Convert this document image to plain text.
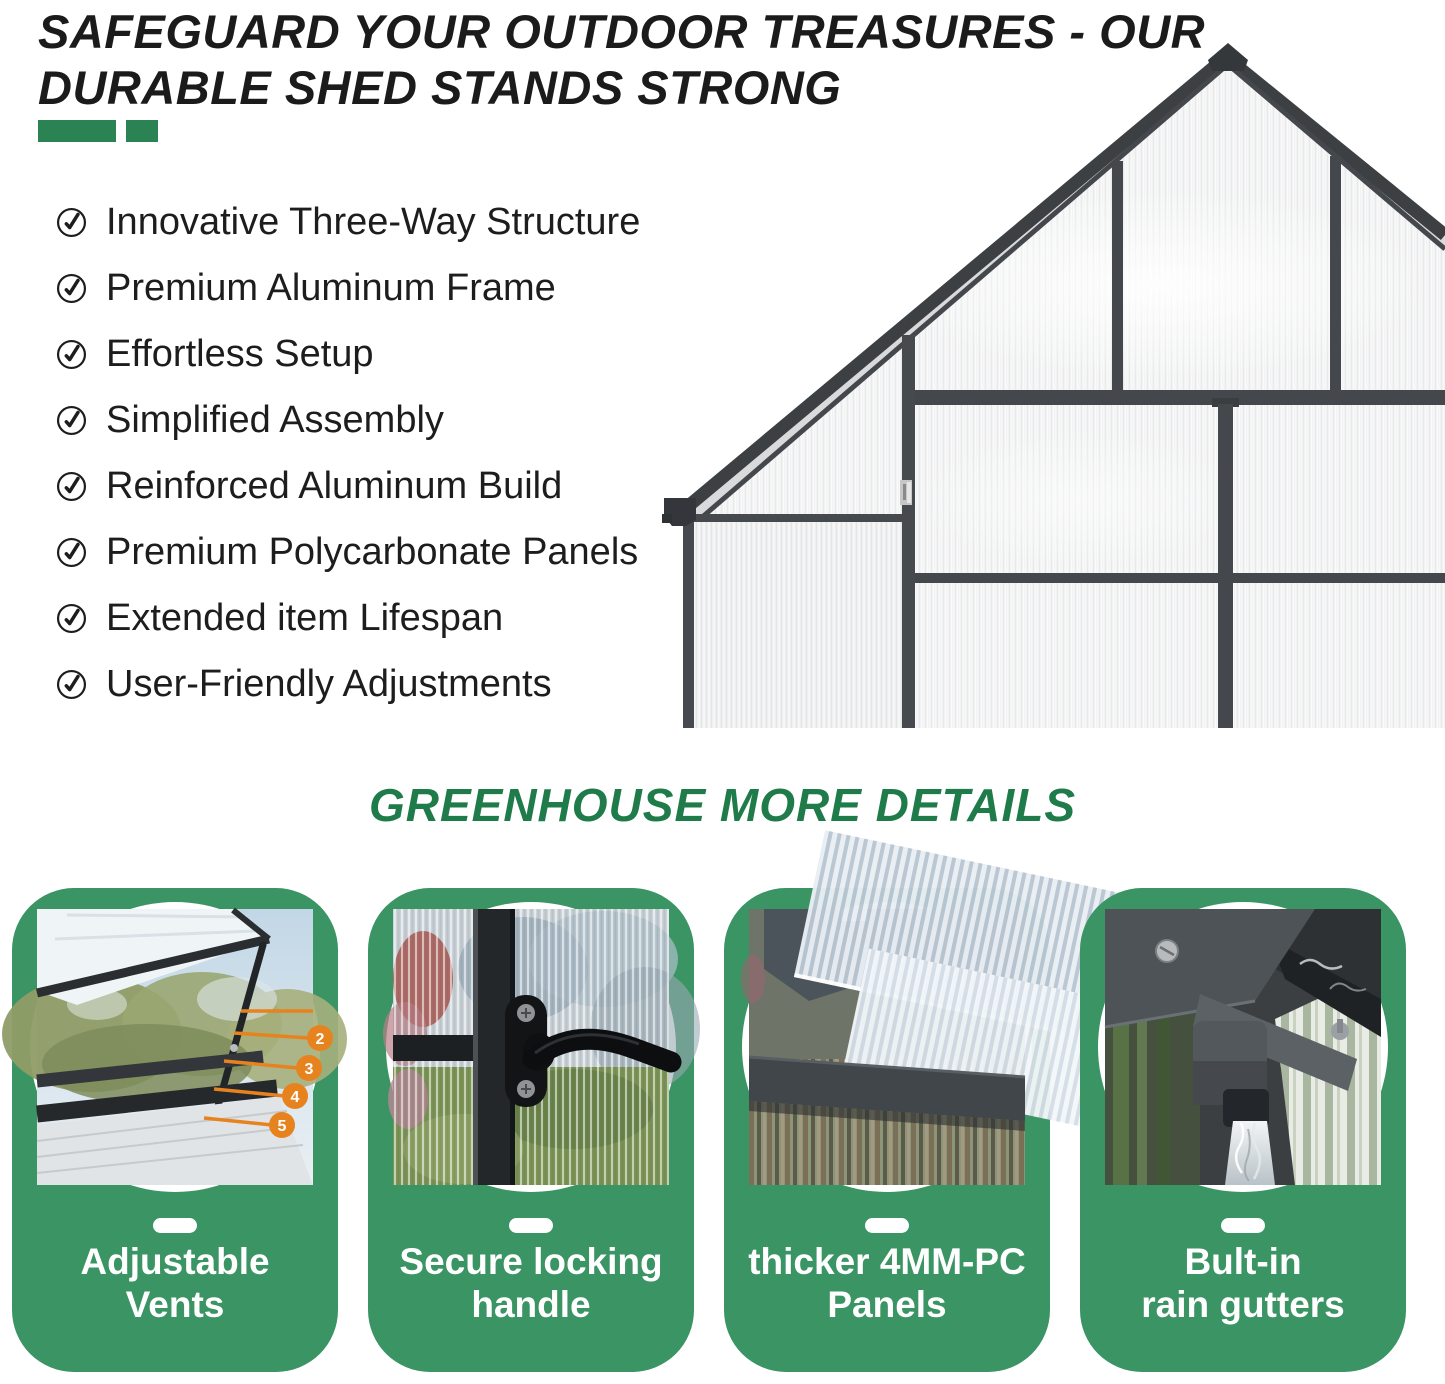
SAFEGUARD YOUR OUTDOOR TREASURES - OUR
DURABLE SHED STANDS STRONG
Innovative Three-Way Structure
Premium Aluminum Frame
Effortless Setup
Simplified Assembly
Reinforced Aluminum Build
Premium Polycarbonate Panels
Extended item Lifespan
User-Friendly Adjustments
GREENHOUSE MORE DETAILS
2
3
4
5
Adjustable
Vents
Secure locking
handle
thicker 4MM-PC
Panels
Bult-in
rain gutters
